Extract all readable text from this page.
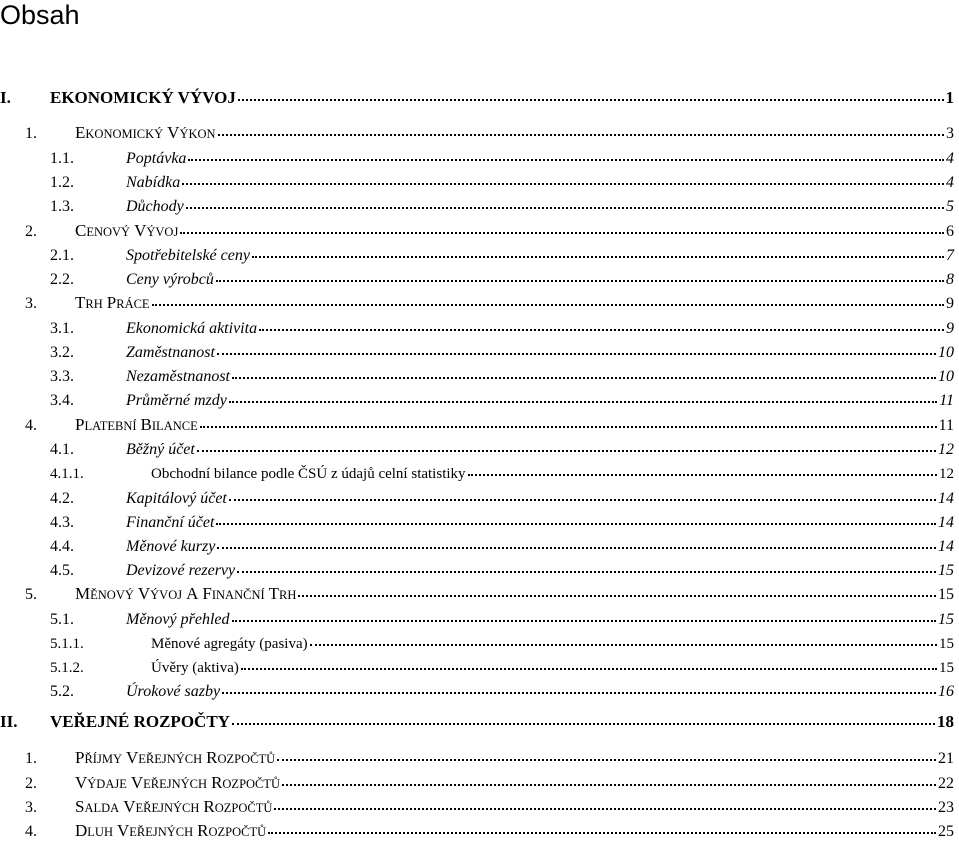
Obsah
I.	EKONOMICKÝ VÝVOJ	1
1.	EKONOMICKÝ VÝKON	3
1.1.	Poptávka	4
1.2.	Nabídka	4
1.3.	Důchody	5
2.	CENOVÝ VÝVOJ	6
2.1.	Spotřebitelské ceny	7
2.2.	Ceny výrobců	8
3.	TRH PRÁCE	9
3.1.	Ekonomická aktivita	9
3.2.	Zaměstnanost	10
3.3.	Nezaměstnanost	10
3.4.	Průměrné mzdy	11
4.	PLATEBNÍ BILANCE	11
4.1.	Běžný účet	12
4.1.1.	Obchodní bilance podle ČSÚ z údajů celní statistiky	12
4.2.	Kapitálový účet	14
4.3.	Finanční účet	14
4.4.	Měnové kurzy	14
4.5.	Devizové rezervy	15
5.	MĚNOVÝ VÝVOJ A FINANČNÍ TRH	15
5.1.	Měnový přehled	15
5.1.1.	Měnové agregáty (pasiva)	15
5.1.2.	Úvěry (aktiva)	15
5.2.	Úrokové sazby	16
II.	VEŘEJNÉ ROZPOČTY	18
1.	PŘÍJMY VEŘEJNÝCH ROZPOČTŮ	21
2.	VÝDAJE VEŘEJNÝCH ROZPOČTŮ	22
3.	SALDA VEŘEJNÝCH ROZPOČTŮ	23
4.	DLUH VEŘEJNÝCH ROZPOČTŮ	25
